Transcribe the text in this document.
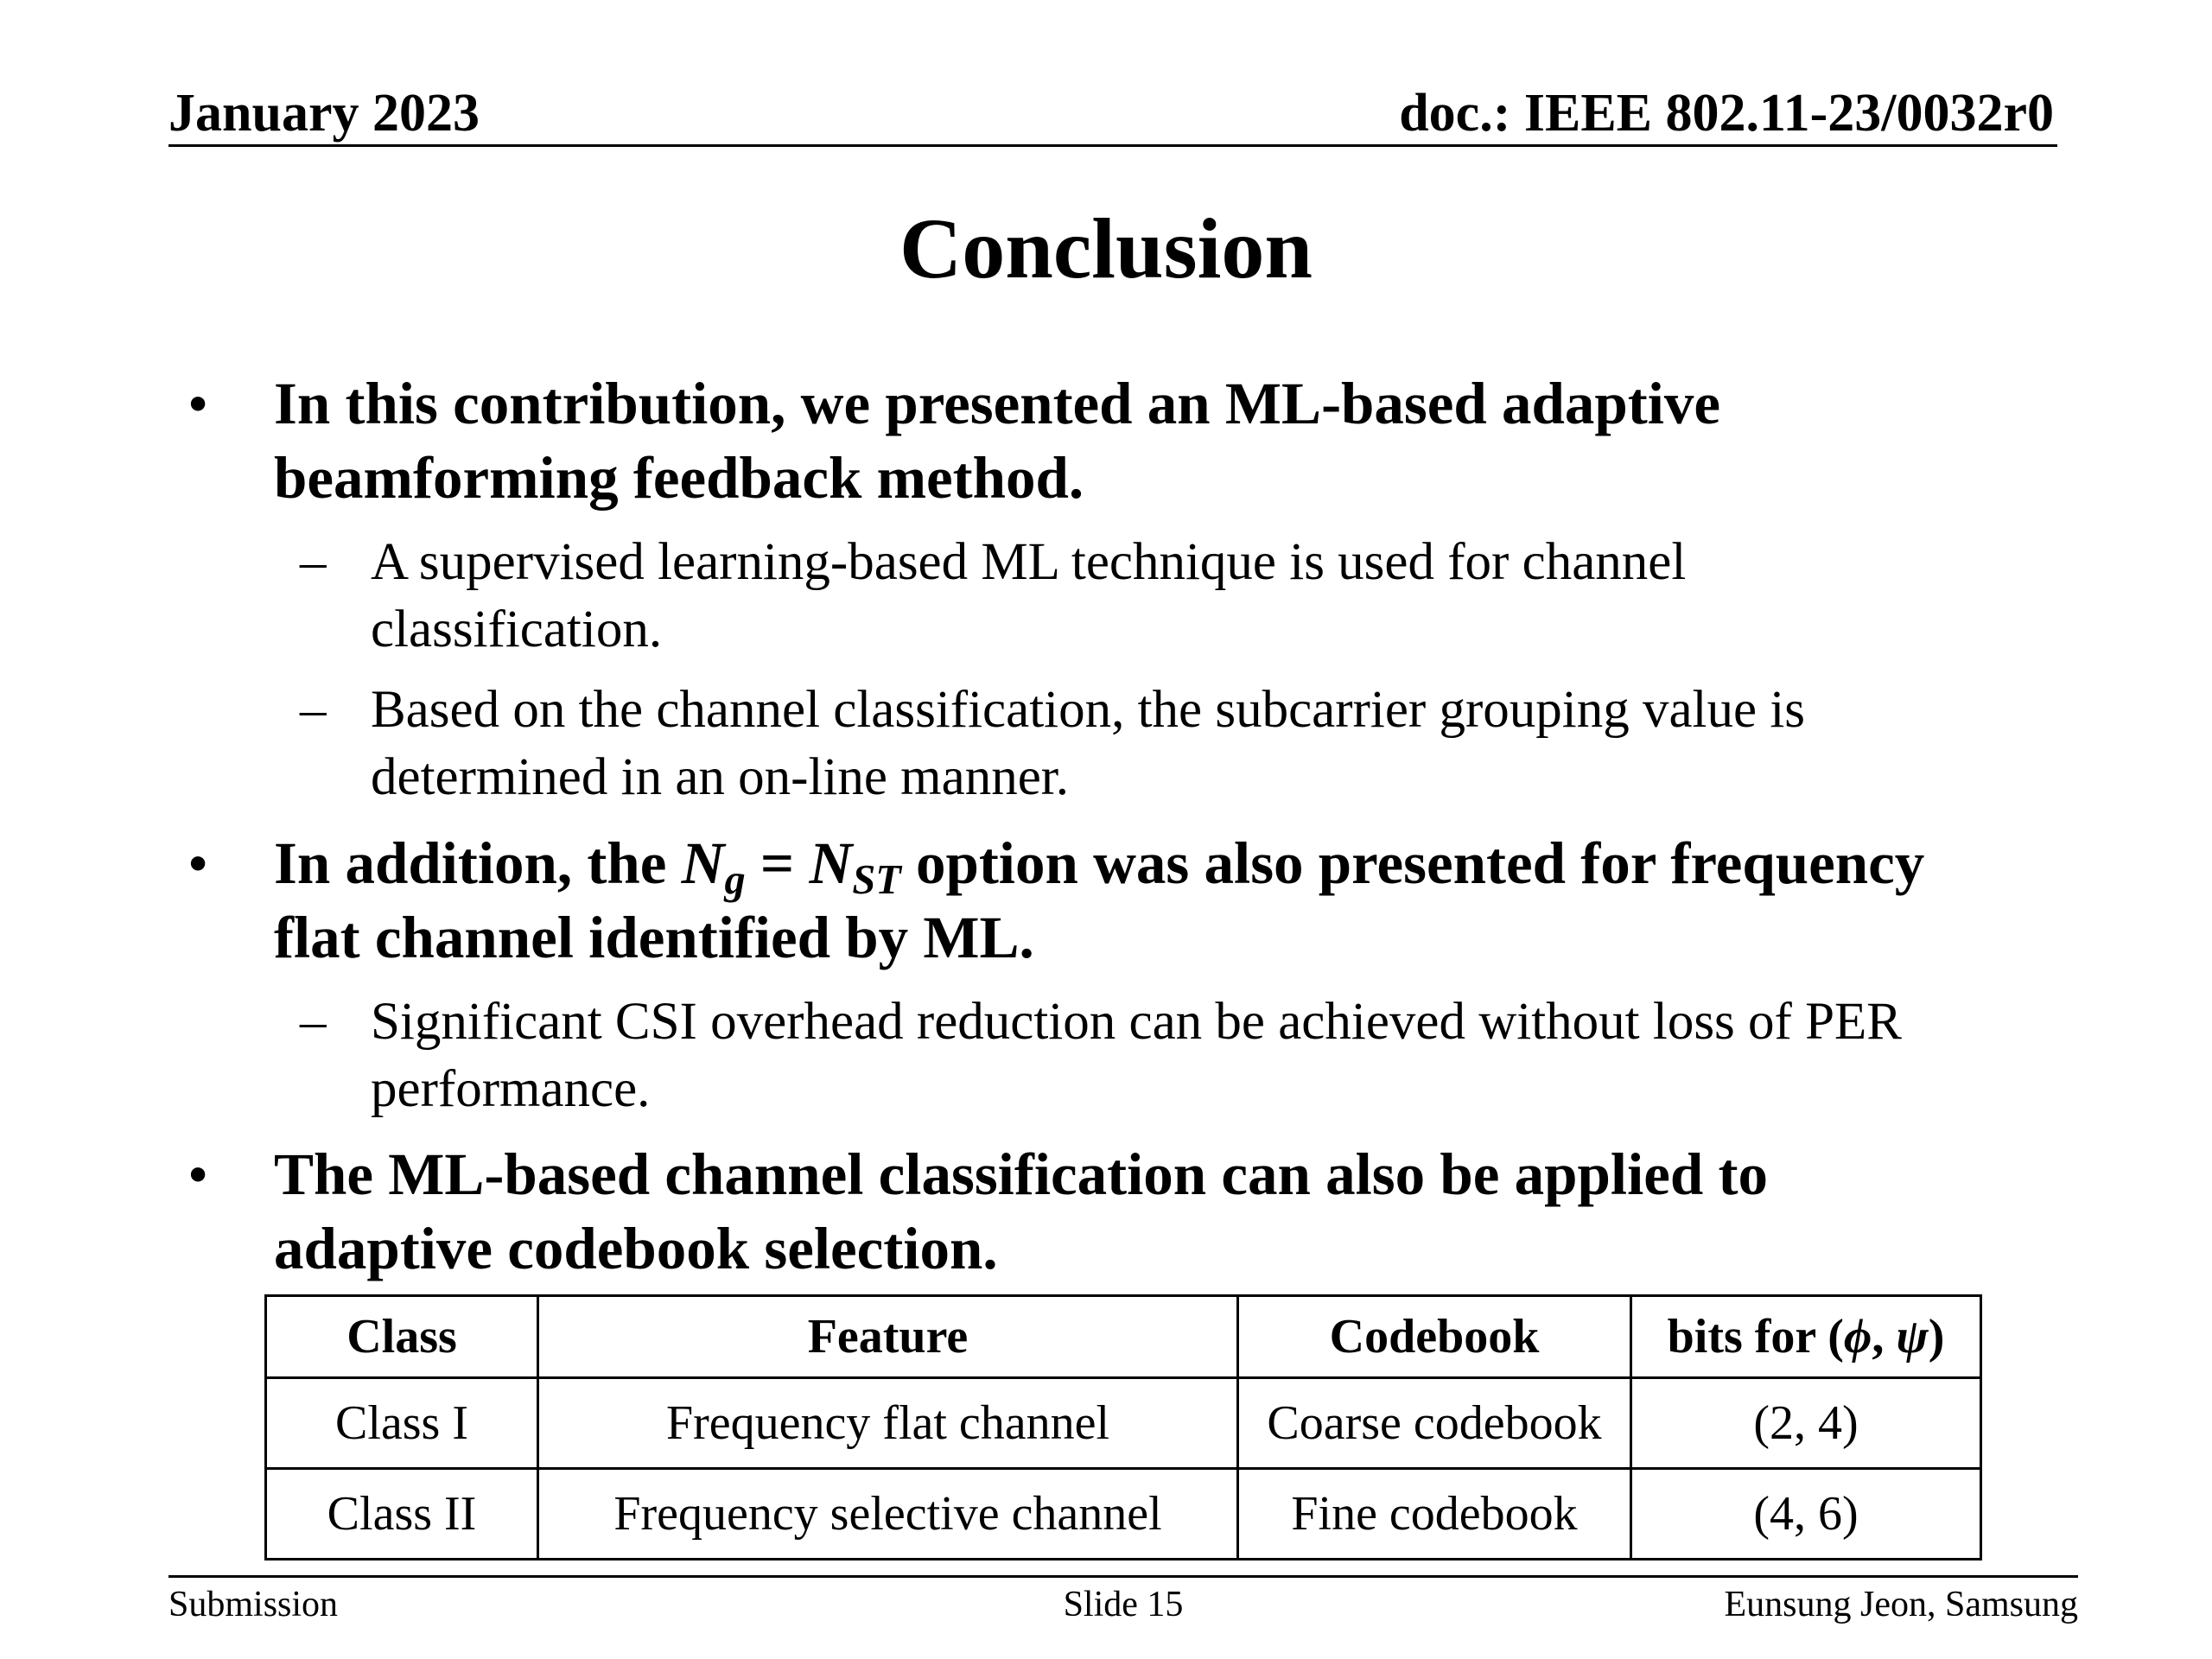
January 2023	doc.: IEEE 802.11-23/0032r0
Conclusion
• In this contribution, we presented an ML-based adaptive
beamforming feedback method.
– A supervised learning-based ML technique is used for channel
classification.
– Based on the channel classification, the subcarrier grouping value is
determined in an on-line manner.
• In addition, the $N_g = N_{ST}$ option was also presented for frequency
flat channel identified by ML.
– Significant CSI overhead reduction can be achieved without loss of PER
performance.
• The ML-based channel classification can also be applied to
adaptive codebook selection.
Class	Feature	Codebook	bits for (ϕ, ψ)
Class I	Frequency flat channel	Coarse codebook	(2, 4)
Class II	Frequency selective channel	Fine codebook	(4, 6)
Submission	Slide 15	Eunsung Jeon, Samsung
